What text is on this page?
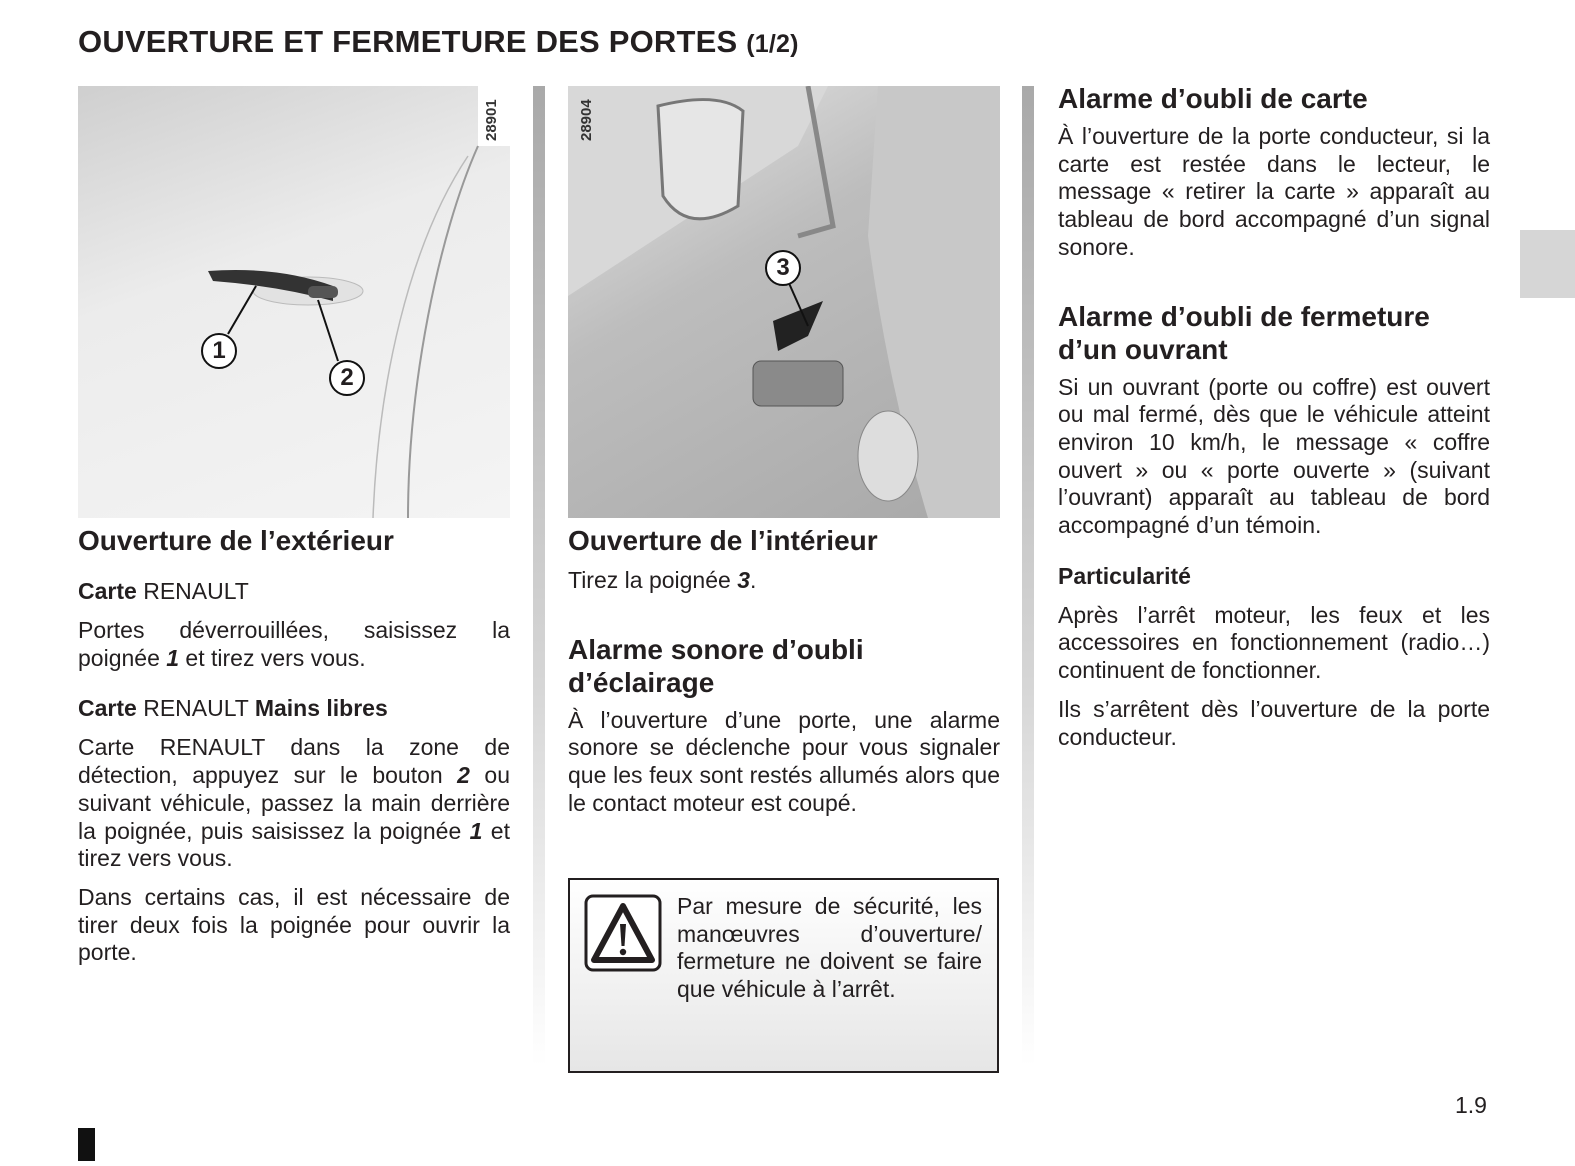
OUVERTURE ET FERMETURE DES PORTES (1/2)
28901
1
2
28904
3
Ouverture de l’extérieur
Carte RENAULT

Portes déverrouillées, saisissez la poignée 1 et tirez vers vous.

Carte RENAULT Mains libres

Carte RENAULT dans la zone de détection, appuyez sur le bouton 2 ou suivant véhicule, passez la main derrière la poignée, puis saisissez la poignée 1 et tirez vers vous.

Dans certains cas, il est nécessaire de tirer deux fois la poignée pour ouvrir la porte.

Ouverture de l’intérieur

Tirez la poignée 3.

Alarme sonore d’oubli d’éclairage

À l’ouverture d’une porte, une alarme sonore se déclenche pour vous signaler que les feux sont restés allumés alors que le contact moteur est coupé.

Par mesure de sécurité, les manœuvres d’ouverture/ fermeture ne doivent se faire que véhicule à l’arrêt.

Alarme d’oubli de carte

À l’ouverture de la porte conducteur, si la carte est restée dans le lecteur, le message « retirer la carte » apparaît au tableau de bord accompagné d’un signal sonore.

Alarme d’oubli de fermeture d’un ouvrant

Si un ouvrant (porte ou coffre) est ouvert ou mal fermé, dès que le véhicule atteint environ 10 km/h, le message « coffre ouvert » ou « porte ouverte » (suivant l’ouvrant) apparaît au tableau de bord accompagné d’un témoin.

Particularité

Après l’arrêt moteur, les feux et les accessoires en fonctionnement (radio…) continuent de fonctionner.

Ils s’arrêtent dès l’ouverture de la porte conducteur.

1.9
